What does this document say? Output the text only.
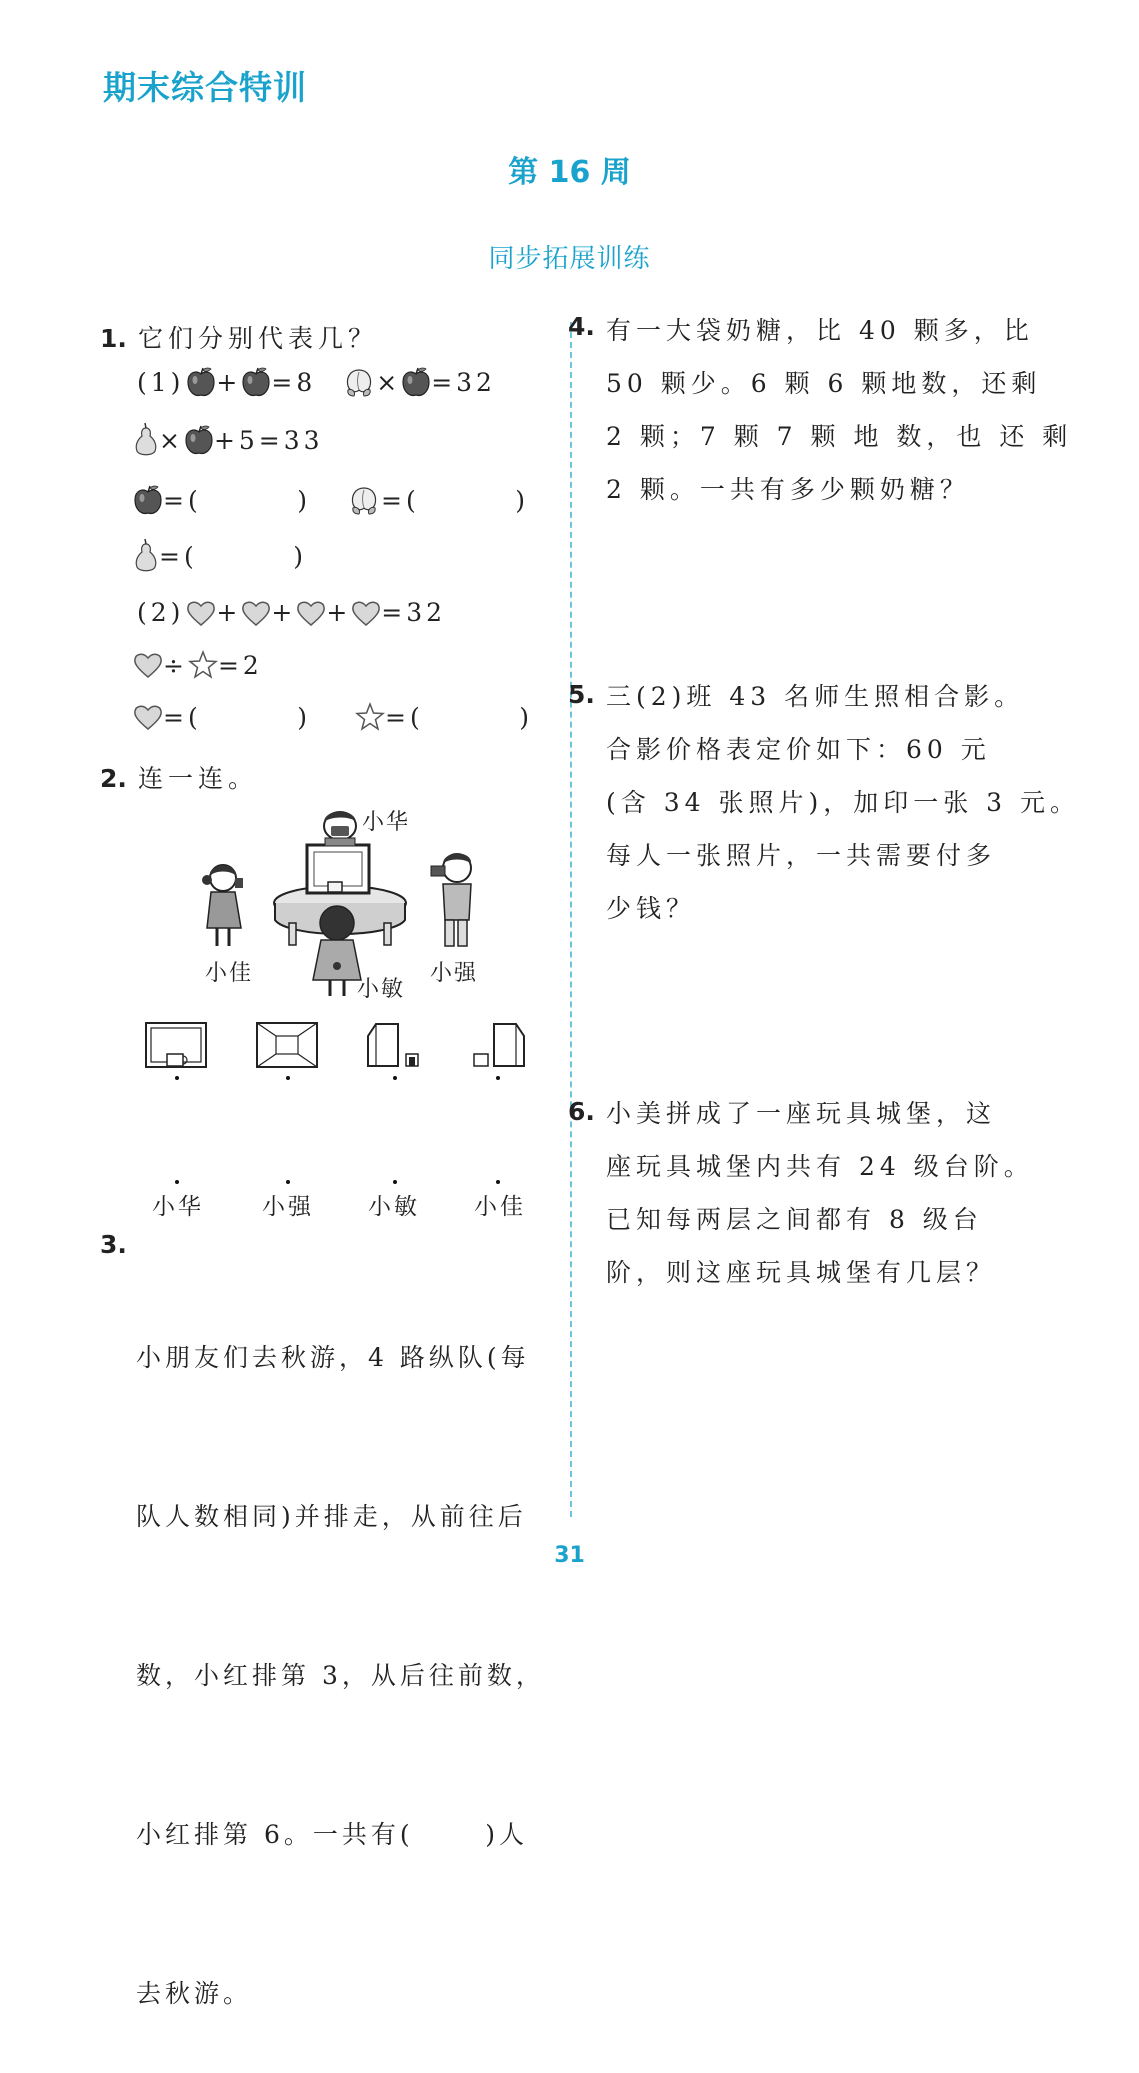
期末综合特训
第 16 周
同步拓展训练
1. 它们分别代表几？
(1) + =8 × =32
× +5=33
=(        )	=(        )
=(        )
(2) + + + =32
÷ =2
=(        )	=(        )
2. 连一连。
小华
小佳	小强
小敏
小华	小强 小敏 小佳
3.

小朋友们去秋游，4 路纵队(每

队人数相同)并排走，从前往后

数，小红排第 3，从后往前数，

小红排第 6。一共有(      )人

去秋游。

4. 有一大袋奶糖，比 40 颗多，比
50 颗少。6 颗 6 颗地数，还剩
2 颗；7 颗 7 颗 地 数，也 还 剩
2 颗。一共有多少颗奶糖？
5. 三(2)班 43 名师生照相合影。
合影价格表定价如下：60 元
(含 34 张照片)，加印一张 3 元。
每人一张照片，一共需要付多
少钱？
6. 小美拼成了一座玩具城堡，这
座玩具城堡内共有 24 级台阶。
已知每两层之间都有 8 级台
阶，则这座玩具城堡有几层？
31
